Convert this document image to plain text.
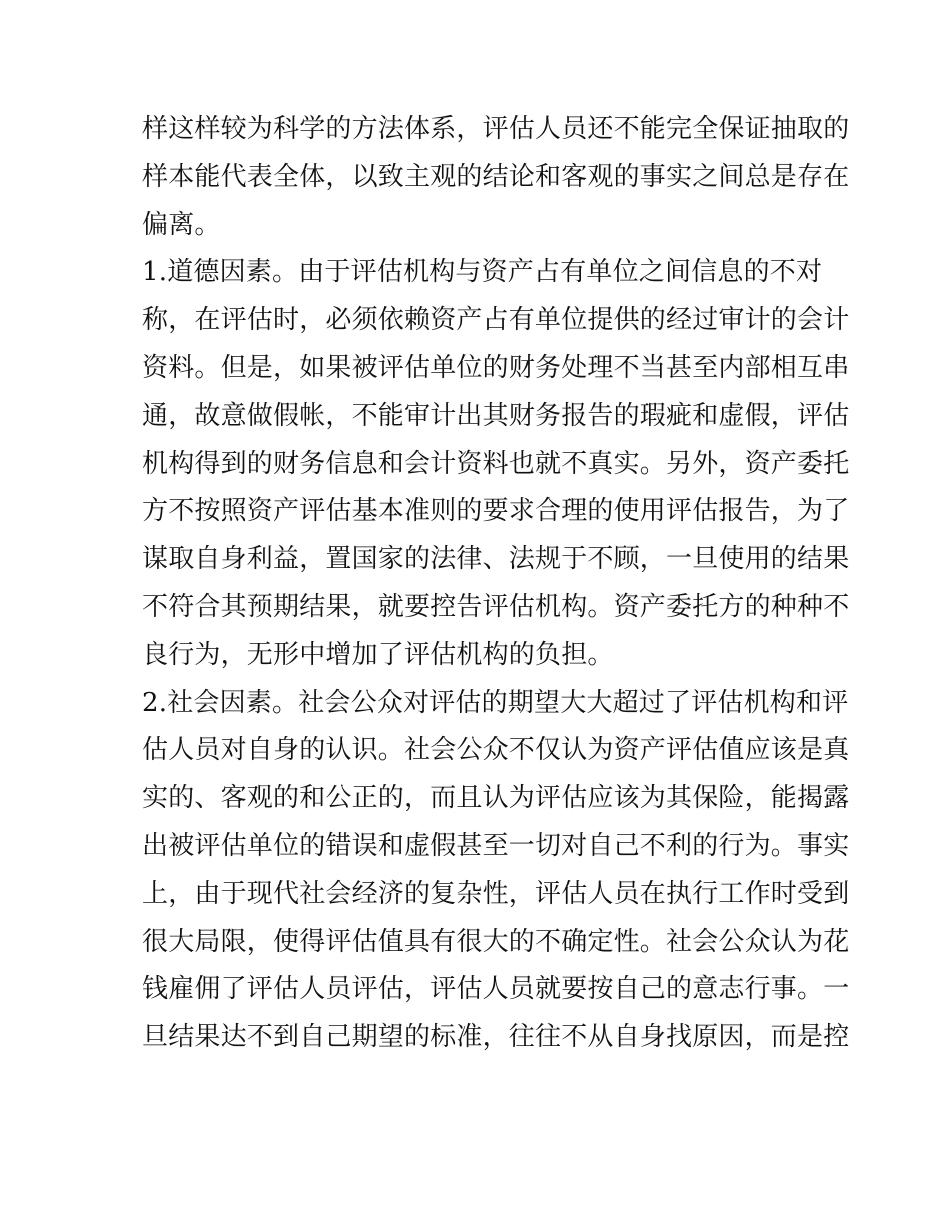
样这样较为科学的方法体系，评估人员还不能完全保证抽取的
样本能代表全体，以致主观的结论和客观的事实之间总是存在
偏离。
1.道德因素。由于评估机构与资产占有单位之间信息的不对
称，在评估时，必须依赖资产占有单位提供的经过审计的会计
资料。但是，如果被评估单位的财务处理不当甚至内部相互串
通，故意做假帐，不能审计出其财务报告的瑕疵和虚假，评估
机构得到的财务信息和会计资料也就不真实。另外，资产委托
方不按照资产评估基本准则的要求合理的使用评估报告，为了
谋取自身利益，置国家的法律、法规于不顾，一旦使用的结果
不符合其预期结果，就要控告评估机构。资产委托方的种种不
良行为，无形中增加了评估机构的负担。
2.社会因素。社会公众对评估的期望大大超过了评估机构和评
估人员对自身的认识。社会公众不仅认为资产评估值应该是真
实的、客观的和公正的，而且认为评估应该为其保险，能揭露
出被评估单位的错误和虚假甚至一切对自己不利的行为。事实
上，由于现代社会经济的复杂性，评估人员在执行工作时受到
很大局限，使得评估值具有很大的不确定性。社会公众认为花
钱雇佣了评估人员评估，评估人员就要按自己的意志行事。一
旦结果达不到自己期望的标准，往往不从自身找原因，而是控
